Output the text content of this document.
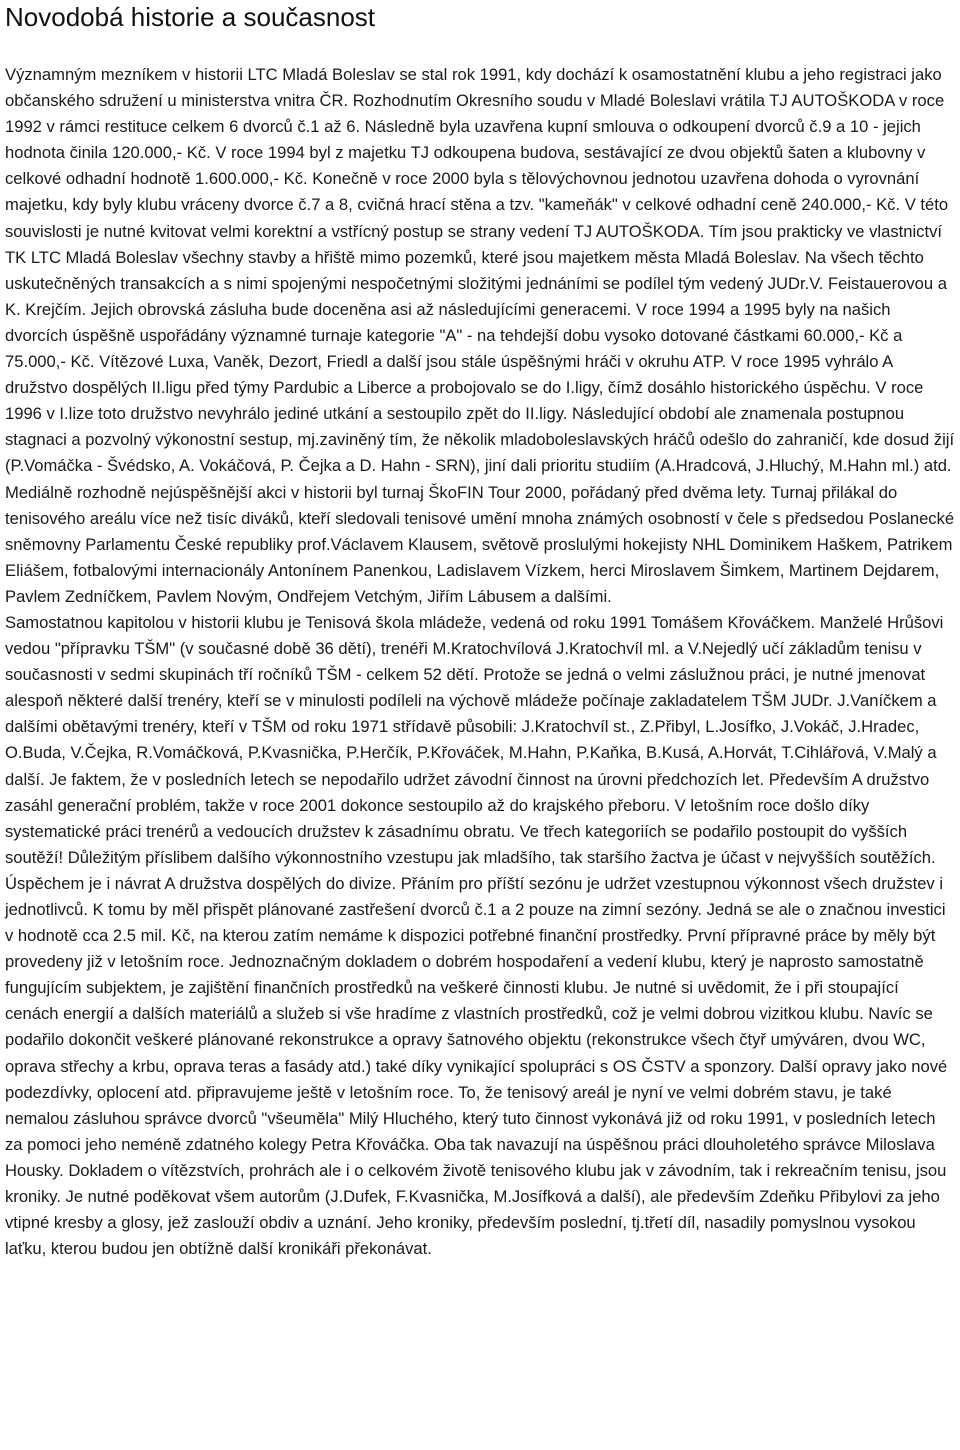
Novodobá historie a současnost

Významným mezníkem v historii LTC Mladá Boleslav se stal rok 1991, kdy dochází k osamostatnění klubu a jeho registraci jako občanského sdružení u ministerstva vnitra ČR. Rozhodnutím Okresního soudu v Mladé Boleslavi vrátila TJ AUTOŠKODA v roce 1992 v rámci restituce celkem 6 dvorců č.1 až 6. Následně byla uzavřena kupní smlouva o odkoupení dvorců č.9 a 10 - jejich hodnota činila 120.000,- Kč. V roce 1994 byl z majetku TJ odkoupena budova, sestávající ze dvou objektů šaten a klubovny v celkové odhadní hodnotě 1.600.000,- Kč. Konečně v roce 2000 byla s tělovýchovnou jednotou uzavřena dohoda o vyrovnání majetku, kdy byly klubu vráceny dvorce č.7 a 8, cvičná hrací stěna a tzv. "kameňák" v celkové odhadní ceně 240.000,- Kč. V této souvislosti je nutné kvitovat velmi korektní a vstřícný postup se strany vedení TJ AUTOŠKODA. Tím jsou prakticky ve vlastnictví TK LTC Mladá Boleslav všechny stavby a hřiště mimo pozemků, které jsou majetkem města Mladá Boleslav. Na všech těchto uskutečněných transakcích a s nimi spojenými nespočetnými složitými jednáními se podílel tým vedený JUDr.V. Feistauerovou a K. Krejčím. Jejich obrovská zásluha bude doceněna asi až následujícími generacemi. V roce 1994 a 1995 byly na našich dvorcích úspěšně uspořádány významné turnaje kategorie "A" - na tehdejší dobu vysoko dotované částkami 60.000,- Kč a 75.000,- Kč. Vítězové Luxa, Vaněk, Dezort, Friedl a další jsou stále úspěšnými hráči v okruhu ATP. V roce 1995 vyhrálo A družstvo dospělých II.ligu před týmy Pardubic a Liberce a probojovalo se do I.ligy, čímž dosáhlo historického úspěchu. V roce 1996 v I.lize toto družstvo nevyhrálo jediné utkání a sestoupilo zpět do II.ligy. Následující období ale znamenala postupnou stagnaci a pozvolný výkonostní sestup, mj.zaviněný tím, že několik mladoboleslavských hráčů odešlo do zahraničí, kde dosud žijí (P.Vomáčka - Švédsko, A. Vokáčová, P. Čejka a D. Hahn - SRN), jiní dali prioritu studiím (A.Hradcová, J.Hluchý, M.Hahn ml.) atd.

Mediálně rozhodně nejúspěšnější akci v historii byl turnaj ŠkoFIN Tour 2000, pořádaný před dvěma lety. Turnaj přilákal do tenisového areálu více než tisíc diváků, kteří sledovali tenisové umění mnoha známých osobností v čele s předsedou Poslanecké sněmovny Parlamentu České republiky prof.Václavem Klausem, světově proslulými hokejisty NHL Dominikem Haškem, Patrikem Eliášem, fotbalovými internacionály Antonínem Panenkou, Ladislavem Vízkem, herci Miroslavem Šimkem, Martinem Dejdarem, Pavlem Zedníčkem, Pavlem Novým, Ondřejem Vetchým, Jiřím Lábusem a dalšími.

Samostatnou kapitolou v historii klubu je Tenisová škola mládeže, vedená od roku 1991 Tomášem Křováčkem. Manželé Hrůšovi vedou "přípravku TŠM" (v současné době 36 dětí), trenéři M.Kratochvílová J.Kratochvíl ml. a V.Nejedlý učí základům tenisu v současnosti v sedmi skupinách tří ročníků TŠM - celkem 52 dětí. Protože se jedná o velmi záslužnou práci, je nutné jmenovat alespoň některé další trenéry, kteří se v minulosti podíleli na výchově mládeže počínaje zakladatelem TŠM JUDr. J.Vaníčkem a dalšími obětavými trenéry, kteří v TŠM od roku 1971 střídavě působili: J.Kratochvíl st., Z.Přibyl, L.Josífko, J.Vokáč, J.Hradec, O.Buda, V.Čejka, R.Vomáčková, P.Kvasnička, P.Herčík, P.Křováček, M.Hahn, P.Kaňka, B.Kusá, A.Horvát, T.Cihlářová, V.Malý a další. Je faktem, že v posledních letech se nepodařilo udržet závodní činnost na úrovni předchozích let. Především A družstvo zasáhl generační problém, takže v roce 2001 dokonce sestoupilo až do krajského přeboru. V letošním roce došlo díky systematické práci trenérů a vedoucích družstev k zásadnímu obratu. Ve třech kategoriích se podařilo postoupit do vyšších soutěží! Důležitým příslibem dalšího výkonnostního vzestupu jak mladšího, tak staršího žactva je účast v nejvyšších soutěžích. Úspěchem je i návrat A družstva dospělých do divize. Přáním pro příští sezónu je udržet vzestupnou výkonnost všech družstev i jednotlivců. K tomu by měl přispět plánované zastřešení dvorců č.1 a 2 pouze na zimní sezóny. Jedná se ale o značnou investici v hodnotě cca 2.5 mil. Kč, na kterou zatím nemáme k dispozici potřebné finanční prostředky. První přípravné práce by měly být provedeny již v letošním roce. Jednoznačným dokladem o dobrém hospodaření a vedení klubu, který je naprosto samostatně fungujícím subjektem, je zajištění finančních prostředků na veškeré činnosti klubu. Je nutné si uvědomit, že i při stoupající cenách energií a dalších materiálů a služeb si vše hradíme z vlastních prostředků, což je velmi dobrou vizitkou klubu. Navíc se podařilo dokončit veškeré plánované rekonstrukce a opravy šatnového objektu (rekonstrukce všech čtyř umýváren, dvou WC, oprava střechy a krbu, oprava teras a fasády atd.) také díky vynikající spolupráci s OS ČSTV a sponzory. Další opravy jako nové podezdívky, oplocení atd. připravujeme ještě v letošním roce. To, že tenisový areál je nyní ve velmi dobrém stavu, je také nemalou zásluhou správce dvorců "všeuměla" Milý Hluchého, který tuto činnost vykonává již od roku 1991, v posledních letech za pomoci jeho neméně zdatného kolegy Petra Křováčka. Oba tak navazují na úspěšnou práci dlouholetého správce Miloslava Housky. Dokladem o vítězstvích, prohrách ale i o celkovém životě tenisového klubu jak v závodním, tak i rekreačním tenisu, jsou kroniky. Je nutné poděkovat všem autorům (J.Dufek, F.Kvasnička, M.Josífková a další), ale především Zdeňku Přibylovi za jeho vtipné kresby a glosy, jež zaslouží obdiv a uznání. Jeho kroniky, především poslední, tj.třetí díl, nasadily pomyslnou vysokou laťku, kterou budou jen obtížně další kronikáři překonávat.
